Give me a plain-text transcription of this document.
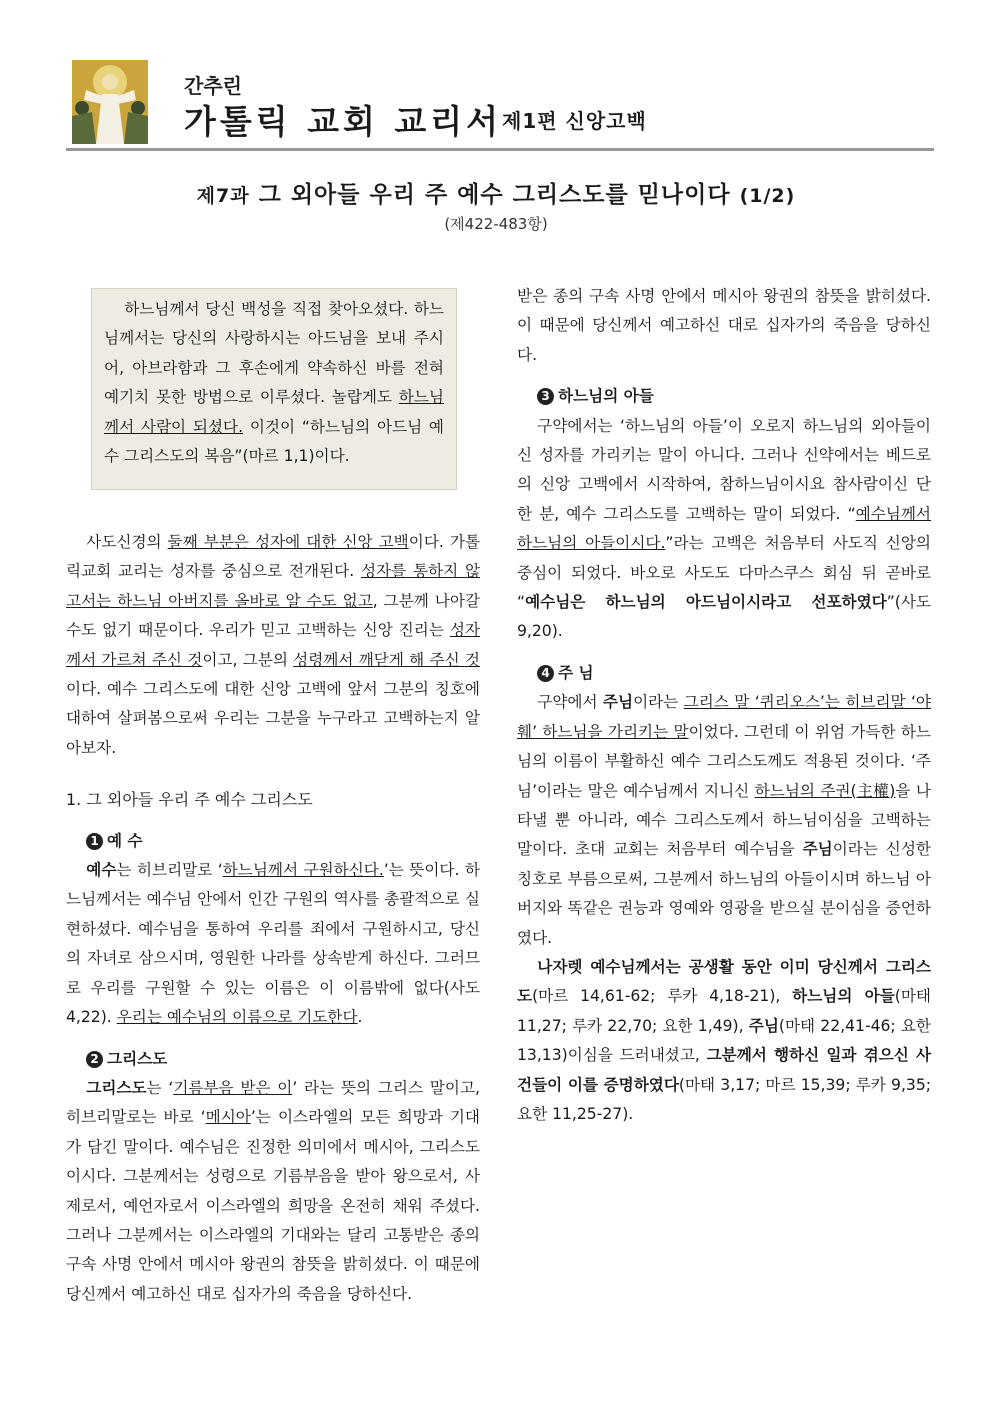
간추린
가톨릭 교회 교리서 제1편 신앙고백
제7과 그 외아들 우리 주 예수 그리스도를 믿나이다 (1/2)
(제422-483항)

하느님께서 당신 백성을 직접 찾아오셨다. 하느님께서는 당신의 사랑하시는 아드님을 보내 주시어, 아브라함과 그 후손에게 약속하신 바를 전혀 예기치 못한 방법으로 이루셨다. 놀랍게도 하느님께서 사람이 되셨다. 이것이 “하느님의 아드님 예수 그리스도의 복음”(마르 1,1)이다.

사도신경의 둘째 부분은 성자에 대한 신앙 고백이다. 가톨릭교회 교리는 성자를 중심으로 전개된다. 성자를 통하지 않고서는 하느님 아버지를 올바로 알 수도 없고, 그분께 나아갈 수도 없기 때문이다. 우리가 믿고 고백하는 신앙 진리는 성자께서 가르쳐 주신 것이고, 그분의 성령께서 깨닫게 해 주신 것이다. 예수 그리스도에 대한 신앙 고백에 앞서 그분의 칭호에 대하여 살펴봄으로써 우리는 그분을 누구라고 고백하는지 알아보자.

1. 그 외아들 우리 주 예수 그리스도

1 예 수

예수는 히브리말로 ‘하느님께서 구원하신다.’는 뜻이다. 하느님께서는 예수님 안에서 인간 구원의 역사를 총괄적으로 실현하셨다. 예수님을 통하여 우리를 죄에서 구원하시고, 당신의 자녀로 삼으시며, 영원한 나라를 상속받게 하신다. 그러므로 우리를 구원할 수 있는 이름은 이 이름밖에 없다(사도 4,22). 우리는 예수님의 이름으로 기도한다.

2 그리스도

그리스도는 ‘기름부음 받은 이’ 라는 뜻의 그리스 말이고, 히브리말로는 바로 ‘메시아’는 이스라엘의 모든 희망과 기대가 담긴 말이다. 예수님은 진정한 의미에서 메시아, 그리스도이시다. 그분께서는 성령으로 기름부음을 받아 왕으로서, 사제로서, 예언자로서 이스라엘의 희망을 온전히 채워 주셨다. 그러나 그분께서는 이스라엘의 기대와는 달리 고통받은 종의 구속 사명 안에서 메시아 왕권의 참뜻을 밝히셨다. 이 때문에 당신께서 예고하신 대로 십자가의 죽음을 당하신다.

받은 종의 구속 사명 안에서 메시아 왕권의 참뜻을 밝히셨다. 이 때문에 당신께서 예고하신 대로 십자가의 죽음을 당하신다.

3 하느님의 아들

구약에서는 ‘하느님의 아들’이 오로지 하느님의 외아들이신 성자를 가리키는 말이 아니다. 그러나 신약에서는 베드로의 신앙 고백에서 시작하여, 참하느님이시요 참사람이신 단 한 분, 예수 그리스도를 고백하는 말이 되었다. “예수님께서 하느님의 아들이시다.”라는 고백은 처음부터 사도직 신앙의 중심이 되었다. 바오로 사도도 다마스쿠스 회심 뒤 곧바로 “예수님은 하느님의 아드님이시라고 선포하였다”(사도 9,20).

4 주 님

구약에서 주님이라는 그리스 말 ‘퀴리오스’는 히브리말 ‘야훼’ 하느님을 가리키는 말이었다. 그런데 이 위엄 가득한 하느님의 이름이 부활하신 예수 그리스도께도 적용된 것이다. ‘주님’이라는 말은 예수님께서 지니신 하느님의 주권(主權)을 나타낼 뿐 아니라, 예수 그리스도께서 하느님이심을 고백하는 말이다. 초대 교회는 처음부터 예수님을 주님이라는 신성한 칭호로 부름으로써, 그분께서 하느님의 아들이시며 하느님 아버지와 똑같은 권능과 영예와 영광을 받으실 분이심을 증언하였다.

나자렛 예수님께서는 공생활 동안 이미 당신께서 그리스도(마르 14,61-62; 루카 4,18-21), 하느님의 아들(마태 11,27; 루카 22,70; 요한 1,49), 주님(마태 22,41-46; 요한 13,13)이심을 드러내셨고, 그분께서 행하신 일과 겪으신 사건들이 이를 증명하였다(마태 3,17; 마르 15,39; 루카 9,35; 요한 11,25-27).
